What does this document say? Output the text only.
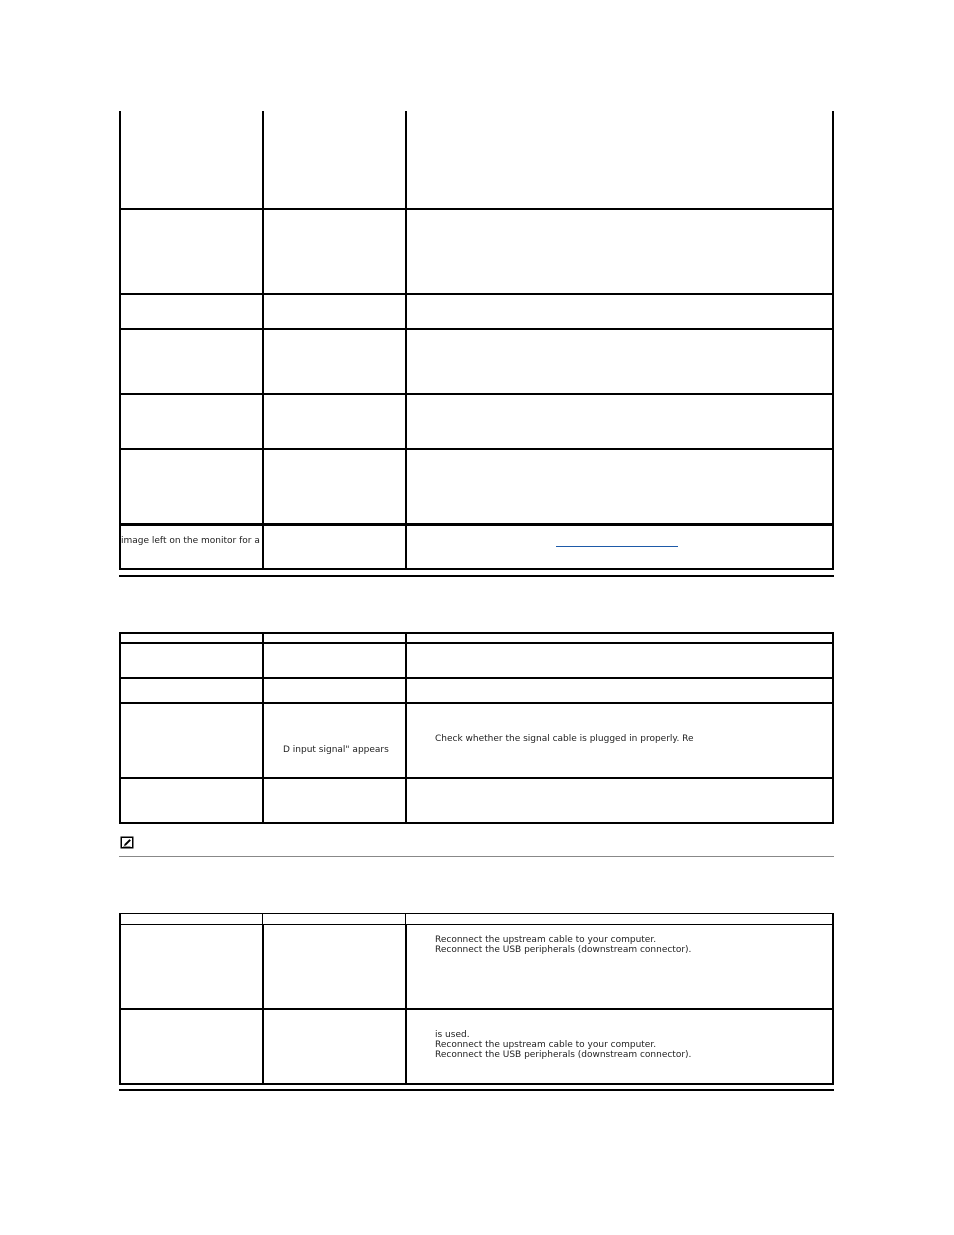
image left on the monitor for a
D input signal" appears
Check whether the signal cable is plugged in properly. Re
Reconnect the upstream cable to your computer.
Reconnect the USB peripherals (downstream connector).
is used.
Reconnect the upstream cable to your computer.
Reconnect the USB peripherals (downstream connector).
